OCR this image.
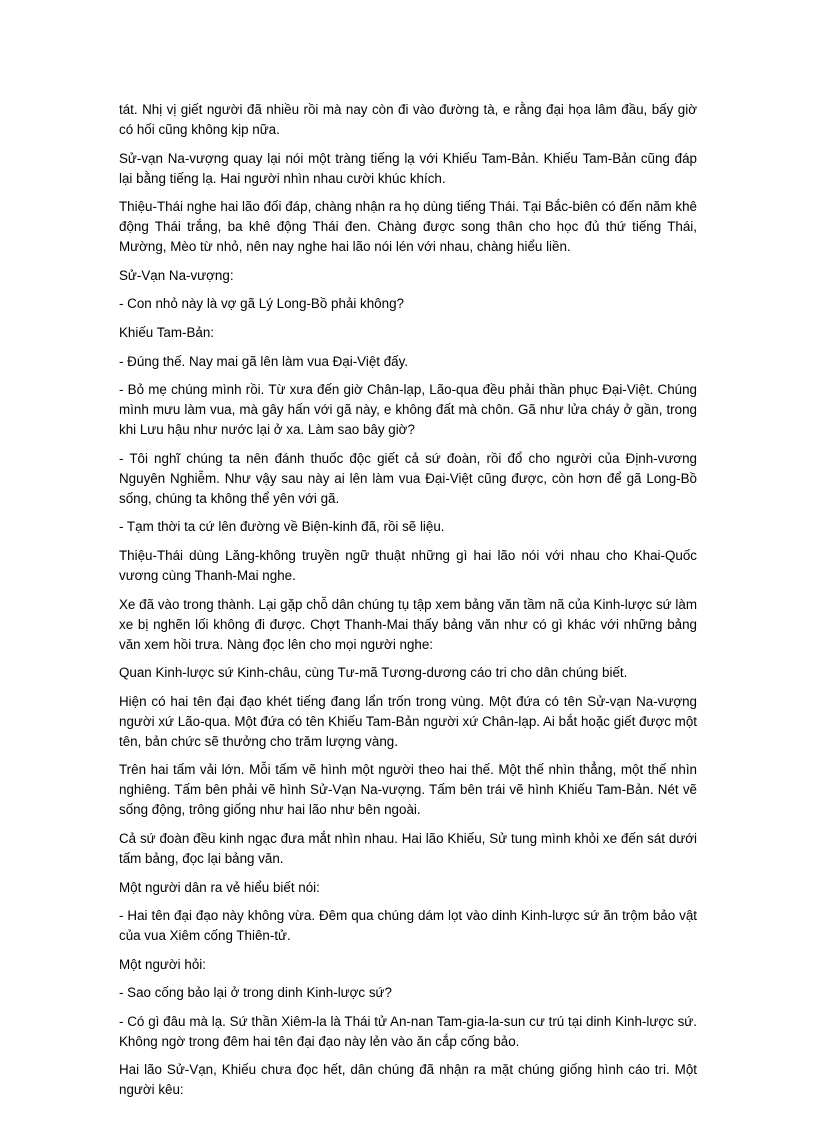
tát. Nhị vị giết người đã nhiều rồi mà nay còn đi vào đường tà, e rằng đại họa lâm đầu, bấy giờ có hối cũng không kịp nữa.

Sử-vạn Na-vượng quay lại nói một tràng tiếng lạ với Khiếu Tam-Bản. Khiếu Tam-Bản cũng đáp lại bằng tiếng lạ. Hai người nhìn nhau cười khúc khích.

Thiệu-Thái nghe hai lão đối đáp, chàng nhận ra họ dùng tiếng Thái. Tại Bắc-biên có đến năm khê động Thái trắng, ba khê động Thái đen. Chàng được song thân cho học đủ thứ tiếng Thái, Mường, Mèo từ nhỏ, nên nay nghe hai lão nói lén với nhau, chàng hiểu liền.

Sử-Vạn Na-vượng:

- Con nhỏ này là vợ gã Lý Long-Bồ phải không?

Khiếu Tam-Bản:

- Đúng thế. Nay mai gã lên làm vua Đại-Việt đấy.

- Bỏ mẹ chúng mình rồi. Từ xưa đến giờ Chân-lạp, Lão-qua đều phải thần phục Đại-Việt. Chúng mình mưu làm vua, mà gây hấn với gã này, e không đất mà chôn. Gã như lửa cháy ở gần, trong khi Lưu hậu như nước lại ở xa. Làm sao bây giờ?

- Tôi nghĩ chúng ta nên đánh thuốc độc giết cả sứ đoàn, rồi đổ cho người của Định-vương Nguyên Nghiễm. Như vậy sau này ai lên làm vua Đại-Việt cũng được, còn hơn để gã Long-Bồ sống, chúng ta không thể yên với gã.

- Tạm thời ta cứ lên đường về Biện-kinh đã, rồi sẽ liệu.

Thiệu-Thái dùng Lăng-không truyền ngữ thuật những gì hai lão nói với nhau cho Khai-Quốc vương cùng Thanh-Mai nghe.

Xe đã vào trong thành. Lại gặp chỗ dân chúng tụ tập xem bảng văn tầm nã của Kinh-lược sứ làm xe bị nghẽn lối không đi được. Chợt Thanh-Mai thấy bảng văn như có gì khác với những bảng văn xem hồi trưa. Nàng đọc lên cho mọi người nghe:

Quan Kinh-lược sứ Kinh-châu, cùng Tư-mã Tương-dương cáo tri cho dân chúng biết.

Hiện có hai tên đại đạo khét tiếng đang lẩn trốn trong vùng. Một đứa có tên Sử-vạn Na-vượng người xứ Lão-qua. Một đứa có tên Khiếu Tam-Bản người xứ Chân-lạp. Ai bắt hoặc giết được một tên, bản chức sẽ thưởng cho trăm lượng vàng.

Trên hai tấm vải lớn. Mỗi tấm vẽ hình một người theo hai thế. Một thế nhìn thẳng, một thế nhìn nghiêng. Tấm bên phải vẽ hình Sử-Vạn Na-vượng. Tấm bên trái vẽ hình Khiếu Tam-Bản. Nét vẽ sống động, trông giống như hai lão như bên ngoài.

Cả sứ đoàn đều kinh ngạc đưa mắt nhìn nhau. Hai lão Khiếu, Sử tung mình khỏi xe đến sát dưới tấm bảng, đọc lại bảng văn.

Một người dân ra vẻ hiểu biết nói:

- Hai tên đại đạo này không vừa. Đêm qua chúng dám lọt vào dinh Kinh-lược sứ ăn trộm bảo vật của vua Xiêm cống Thiên-tử.

Một người hỏi:

- Sao cống bảo lại ở trong dinh Kinh-lược sứ?

- Có gì đâu mà lạ. Sứ thần Xiêm-la là Thái tử An-nan Tam-gia-la-sun cư trú tại dinh Kinh-lược sứ. Không ngờ trong đêm hai tên đại đạo này lẻn vào ăn cắp cống bảo.

Hai lão Sử-Vạn, Khiếu chưa đọc hết, dân chúng đã nhận ra mặt chúng giống hình cáo tri. Một người kêu:
